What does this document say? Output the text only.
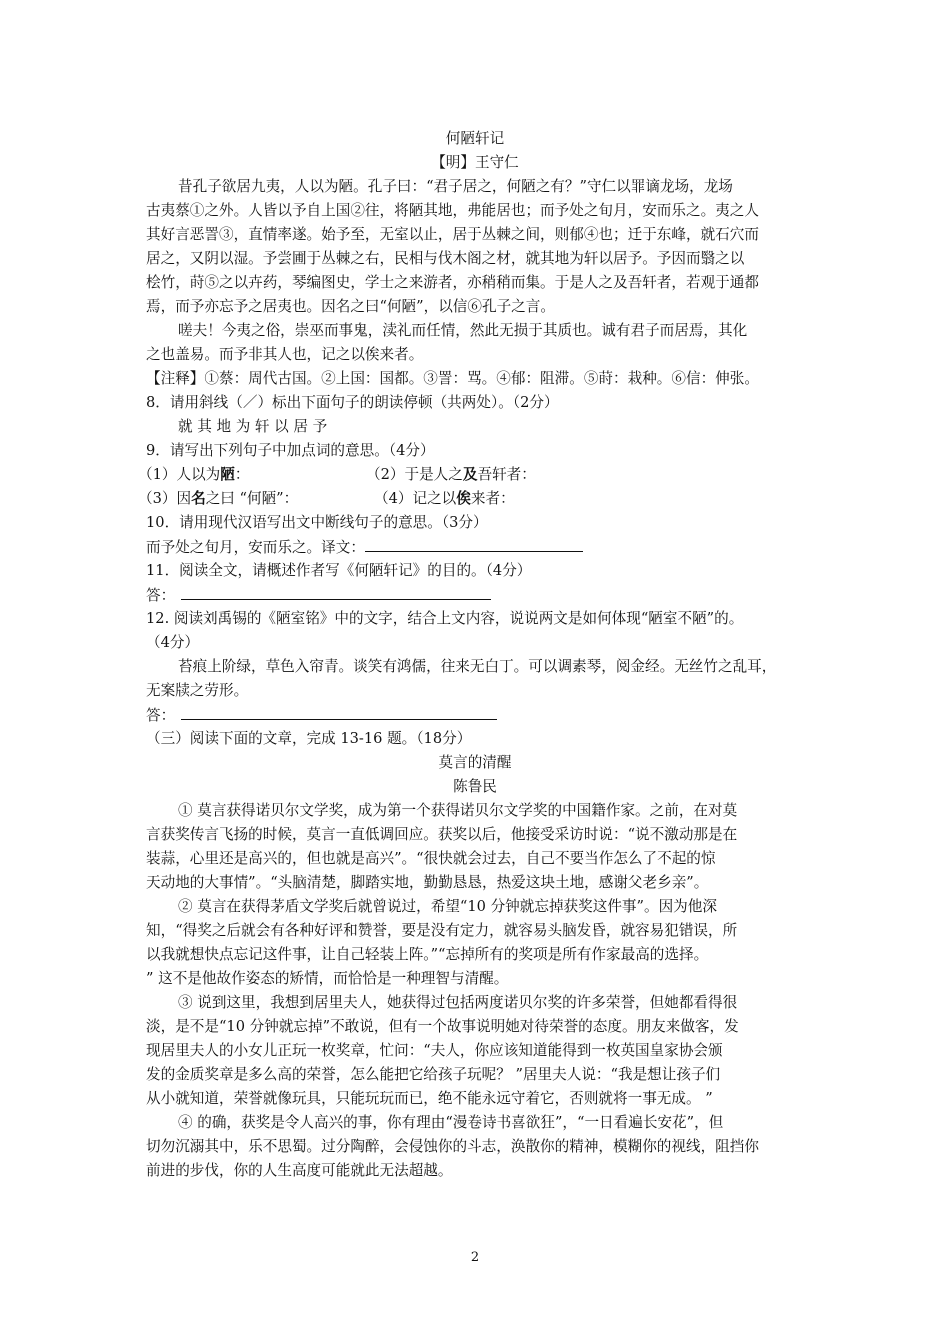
何陋轩记
【明】王守仁
昔孔子欲居九夷，人以为陋。孔子曰：“君子居之，何陋之有？”守仁以罪谪龙场，龙场
古夷蔡①之外。人皆以予自上国②往，将陋其地，弗能居也；而予处之旬月，安而乐之。夷之人
其好言恶詈③，直情率遂。始予至，无室以止，居于丛棘之间，则郁④也；迁于东峰，就石穴而
居之，又阴以湿。予尝圃于丛棘之右，民相与伐木阁之材，就其地为轩以居予。予因而翳之以
桧竹，莳⑤之以卉药，琴编图史，学士之来游者，亦稍稍而集。于是人之及吾轩者，若观于通都
焉，而予亦忘予之居夷也。因名之曰“何陋”，以信⑥孔子之言。
嗟夫！今夷之俗，崇巫而事鬼，渎礼而任情，然此无损于其质也。诚有君子而居焉，其化
之也盖易。而予非其人也，记之以俟来者。
【注释】①蔡：周代古国。②上国：国都。③詈：骂。④郁：阻滞。⑤莳：栽种。⑥信：伸张。
8．请用斜线（／）标出下面句子的朗读停顿（共两处）。（2分）
就 其 地 为 轩 以 居 予
9．请写出下列句子中加点词的意思。（4分）
（1）人以为陋：	（2）于是人之及吾轩者：
（3）因名之曰 “何陋”：	（4）记之以俟来者：
10．请用现代汉语写出文中断线句子的意思。（3分）
而予处之旬月，安而乐之。译文：
11．阅读全文，请概述作者写《何陋轩记》的目的。（4分）
答：
12. 阅读刘禹锡的《陋室铭》中的文字，结合上文内容，说说两文是如何体现“陋室不陋”的。
（4分）
苔痕上阶绿，草色入帘青。谈笑有鸿儒，往来无白丁。可以调素琴，阅金经。无丝竹之乱耳，
无案牍之劳形。
答：
（三）阅读下面的文章，完成 13-16 题。（18分）
莫言的清醒
陈鲁民
① 莫言获得诺贝尔文学奖，成为第一个获得诺贝尔文学奖的中国籍作家。之前，在对莫
言获奖传言飞扬的时候，莫言一直低调回应。获奖以后，他接受采访时说：“说不激动那是在
装蒜，心里还是高兴的，但也就是高兴”。“很快就会过去，自己不要当作怎么了不起的惊
天动地的大事情”。“头脑清楚，脚踏实地，勤勤恳恳，热爱这块土地，感谢父老乡亲”。
② 莫言在获得茅盾文学奖后就曾说过，希望“10 分钟就忘掉获奖这件事”。因为他深
知，“得奖之后就会有各种好评和赞誉，要是没有定力，就容易头脑发昏，就容易犯错误，所
以我就想快点忘记这件事，让自己轻装上阵。”“忘掉所有的奖项是所有作家最高的选择。
” 这不是他故作姿态的矫情，而恰恰是一种理智与清醒。
③ 说到这里，我想到居里夫人，她获得过包括两度诺贝尔奖的许多荣誉，但她都看得很
淡，是不是“10 分钟就忘掉”不敢说，但有一个故事说明她对待荣誉的态度。朋友来做客，发
现居里夫人的小女儿正玩一枚奖章，忙问：“夫人，你应该知道能得到一枚英国皇家协会颁
发的金质奖章是多么高的荣誉，怎么能把它给孩子玩呢？ ”居里夫人说：“我是想让孩子们
从小就知道，荣誉就像玩具，只能玩玩而已，绝不能永远守着它，否则就将一事无成。 ”
④ 的确，获奖是令人高兴的事，你有理由“漫卷诗书喜欲狂”，“一日看遍长安花”，但
切勿沉溺其中，乐不思蜀。过分陶醉，会侵蚀你的斗志，涣散你的精神，模糊你的视线，阻挡你
前进的步伐，你的人生高度可能就此无法超越。
2
